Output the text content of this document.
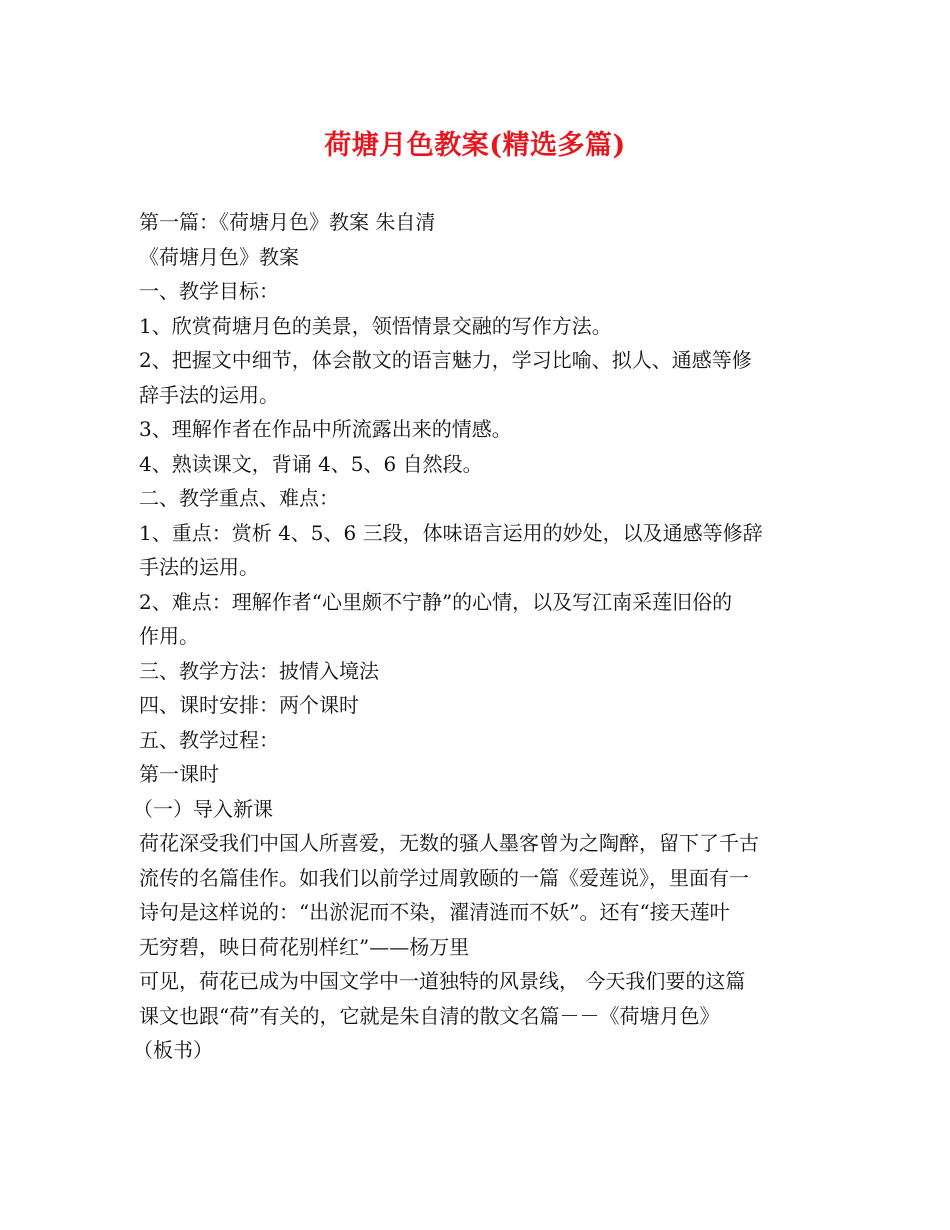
荷塘月色教案(精选多篇)

第一篇：《荷塘月色》教案 朱自清

《荷塘月色》教案

一、教学目标：

1、欣赏荷塘月色的美景，领悟情景交融的写作方法。

2、把握文中细节，体会散文的语言魅力，学习比喻、拟人、通感等修

辞手法的运用。

3、理解作者在作品中所流露出来的情感。

4、熟读课文，背诵 4、5、6 自然段。

二、教学重点、难点：

1、重点：赏析 4、5、6 三段，体味语言运用的妙处，以及通感等修辞

手法的运用。

2、难点：理解作者“心里颇不宁静”的心情，以及写江南采莲旧俗的

作用。

三、教学方法：披情入境法

四、课时安排：两个课时

五、教学过程：

第一课时

（一）导入新课

荷花深受我们中国人所喜爱，无数的骚人墨客曾为之陶醉，留下了千古

流传的名篇佳作。如我们以前学过周敦颐的一篇《爱莲说》，里面有一

诗句是这样说的：“出淤泥而不染，濯清涟而不妖”。还有“接天莲叶

无穷碧，映日荷花别样红”——杨万里

可见，荷花已成为中国文学中一道独特的风景线， 今天我们要的这篇

课文也跟“荷”有关的，它就是朱自清的散文名篇－－《荷塘月色》

（板书）
